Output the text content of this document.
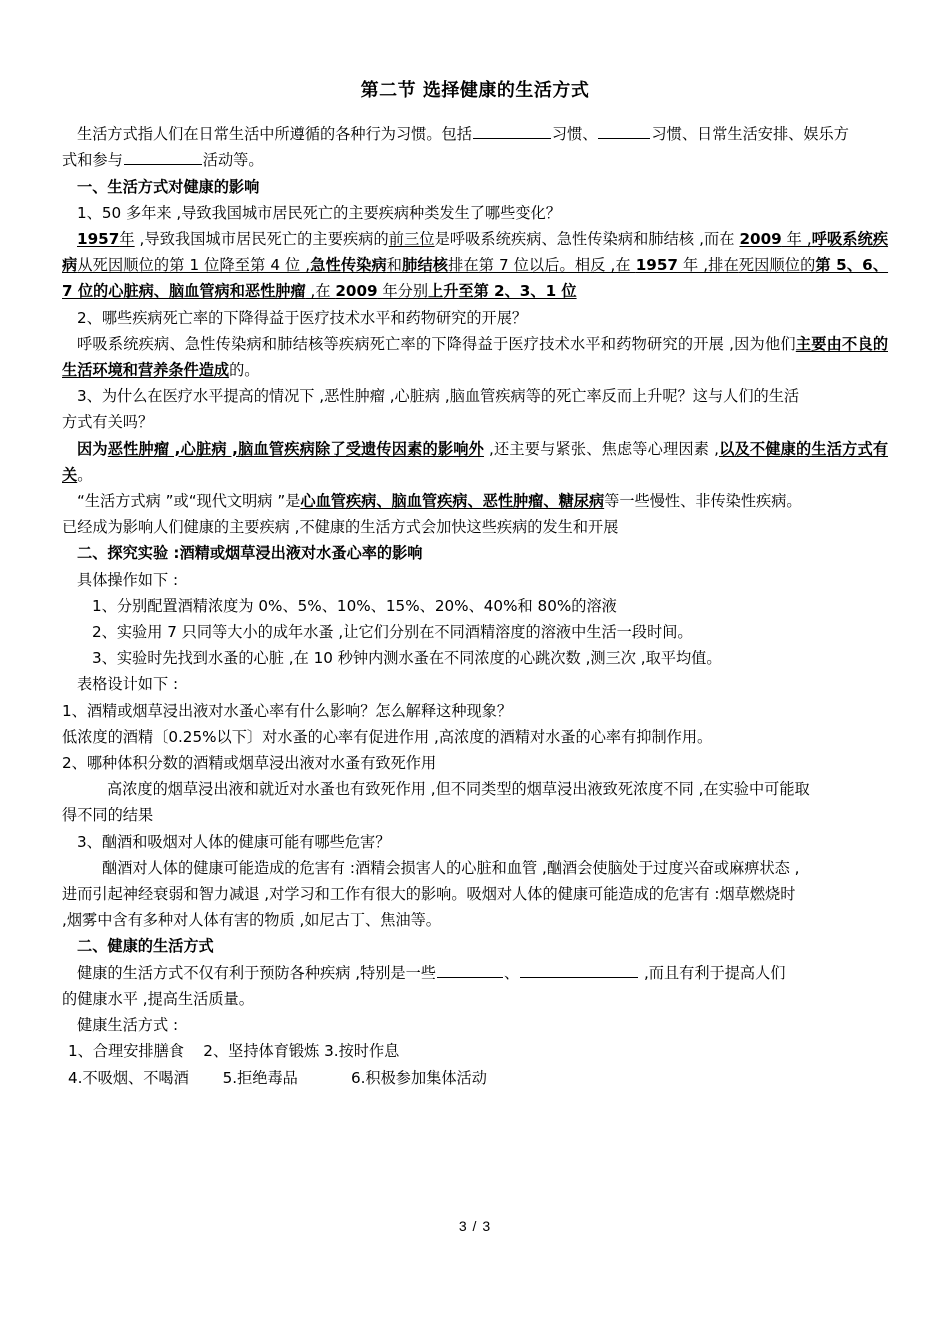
第二节 选择健康的生活方式

生活方式指人们在日常生活中所遵循的各种行为习惯。包括	习惯、	习惯、日常生活安排、娱乐方

式和参与	活动等。

一、生活方式对健康的影响

1、50 多年来 ,导致我国城市居民死亡的主要疾病种类发生了哪些变化？

1957年 ,导致我国城市居民死亡的主要疾病的前三位是呼吸系统疾病、急性传染病和肺结核 ,而在 2009 年 ,呼吸系统疾病从死因顺位的第 1 位降至第 4 位 ,急性传染病和肺结核排在第 7 位以后。相反 ,在 1957 年 ,排在死因顺位的第 5、6、7 位的心脏病、脑血管病和恶性肿瘤 ,在 2009 年分别上升至第 2、3、1 位

2、哪些疾病死亡率的下降得益于医疗技术水平和药物研究的开展？

呼吸系统疾病、急性传染病和肺结核等疾病死亡率的下降得益于医疗技术水平和药物研究的开展 ,因为他们主要由不良的生活环境和营养条件造成的。

3、为什么在医疗水平提高的情况下 ,恶性肿瘤 ,心脏病 ,脑血管疾病等的死亡率反而上升呢？这与人们的生活

方式有关吗？

因为恶性肿瘤 ,心脏病 ,脑血管疾病除了受遗传因素的影响外 ,还主要与紧张、焦虑等心理因素 ,以及不健康的生活方式有关。

“生活方式病 ”或“现代文明病 ”是心血管疾病、脑血管疾病、恶性肿瘤、糖尿病等一些慢性、非传染性疾病。

已经成为影响人们健康的主要疾病 ,不健康的生活方式会加快这些疾病的发生和开展

二、探究实验 :酒精或烟草浸出液对水蚤心率的影响

具体操作如下 :

1、分别配置酒精浓度为 0%、5%、10%、15%、20%、40%和 80%的溶液

2、实验用 7 只同等大小的成年水蚤 ,让它们分别在不同酒精溶度的溶液中生活一段时间。

3、实验时先找到水蚤的心脏 ,在 10 秒钟内测水蚤在不同浓度的心跳次数 ,测三次 ,取平均值。

表格设计如下 :

1、酒精或烟草浸出液对水蚤心率有什么影响？怎么解释这种现象？

低浓度的酒精〔0.25%以下〕对水蚤的心率有促进作用 ,高浓度的酒精对水蚤的心率有抑制作用。

2、哪种体积分数的酒精或烟草浸出液对水蚤有致死作用

高浓度的烟草浸出液和就近对水蚤也有致死作用 ,但不同类型的烟草浸出液致死浓度不同 ,在实验中可能取

得不同的结果

3、酗酒和吸烟对人体的健康可能有哪些危害？

酗酒对人体的健康可能造成的危害有 :酒精会损害人的心脏和血管 ,酗酒会使脑处于过度兴奋或麻痹状态 ,

进而引起神经衰弱和智力减退 ,对学习和工作有很大的影响。吸烟对人体的健康可能造成的危害有 :烟草燃烧时

,烟雾中含有多种对人体有害的物质 ,如尼古丁、焦油等。

二、健康的生活方式

健康的生活方式不仅有利于预防各种疾病 ,特别是一些	、	,而且有利于提高人们

的健康水平 ,提高生活质量。

健康生活方式 :

1、合理安排膳食    2、坚持体育锻炼 3.按时作息

4.不吸烟、不喝酒       5.拒绝毒品           6.积极参加集体活动

3 / 3
